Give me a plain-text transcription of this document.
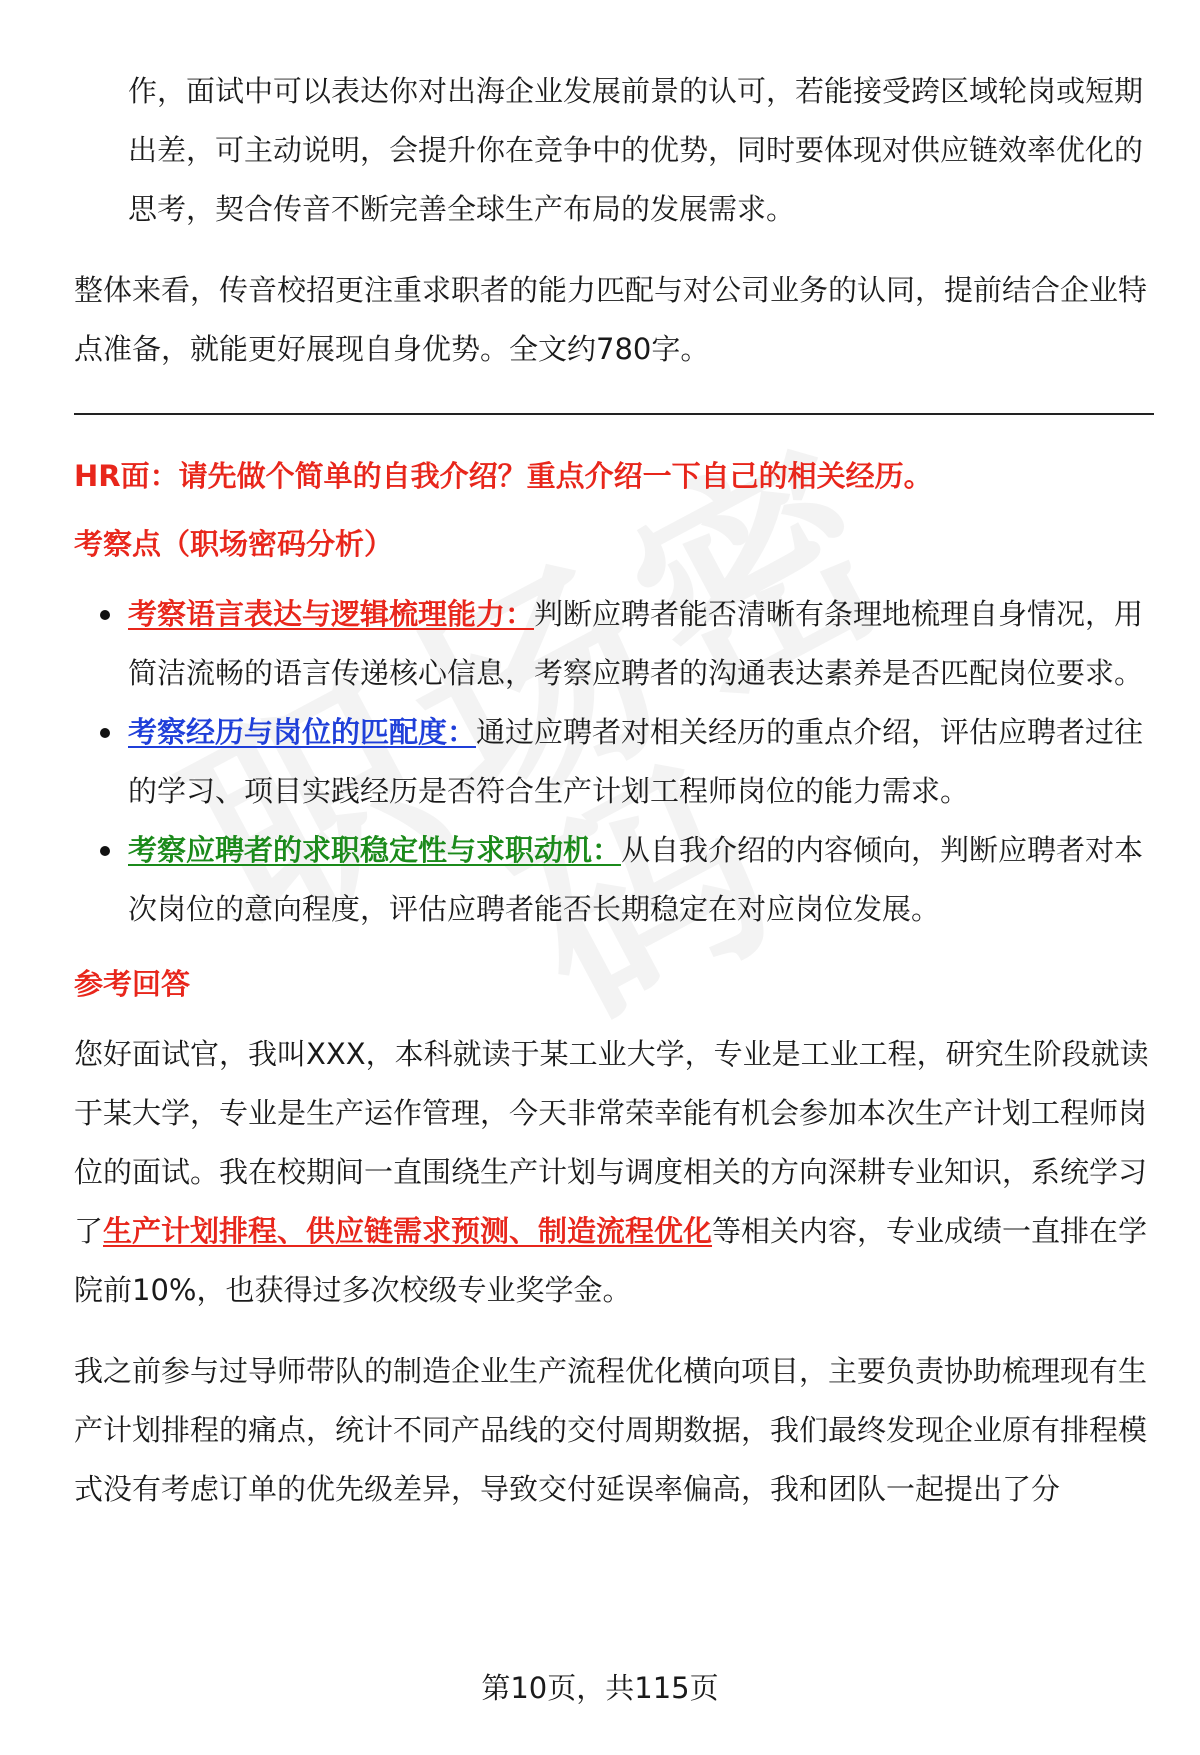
作，面试中可以表达你对出海企业发展前景的认可，若能接受跨区域轮岗或短期出差，可主动说明，会提升你在竞争中的优势，同时要体现对供应链效率优化的思考，契合传音不断完善全球生产布局的发展需求。

整体来看，传音校招更注重求职者的能力匹配与对公司业务的认同，提前结合企业特点准备，就能更好展现自身优势。全文约780字。

HR面：请先做个简单的自我介绍？重点介绍一下自己的相关经历。

考察点（职场密码分析）

考察语言表达与逻辑梳理能力：判断应聘者能否清晰有条理地梳理自身情况，用简洁流畅的语言传递核心信息，考察应聘者的沟通表达素养是否匹配岗位要求。
考察经历与岗位的匹配度：通过应聘者对相关经历的重点介绍，评估应聘者过往的学习、项目实践经历是否符合生产计划工程师岗位的能力需求。
考察应聘者的求职稳定性与求职动机：从自我介绍的内容倾向，判断应聘者对本次岗位的意向程度，评估应聘者能否长期稳定在对应岗位发展。

参考回答

您好面试官，我叫XXX，本科就读于某工业大学，专业是工业工程，研究生阶段就读于某大学，专业是生产运作管理，今天非常荣幸能有机会参加本次生产计划工程师岗位的面试。我在校期间一直围绕生产计划与调度相关的方向深耕专业知识，系统学习了生产计划排程、供应链需求预测、制造流程优化等相关内容，专业成绩一直排在学院前10%，也获得过多次校级专业奖学金。

我之前参与过导师带队的制造企业生产流程优化横向项目，主要负责协助梳理现有生产计划排程的痛点，统计不同产品线的交付周期数据，我们最终发现企业原有排程模式没有考虑订单的优先级差异，导致交付延误率偏高，我和团队一起提出了分

第10页，共115页
